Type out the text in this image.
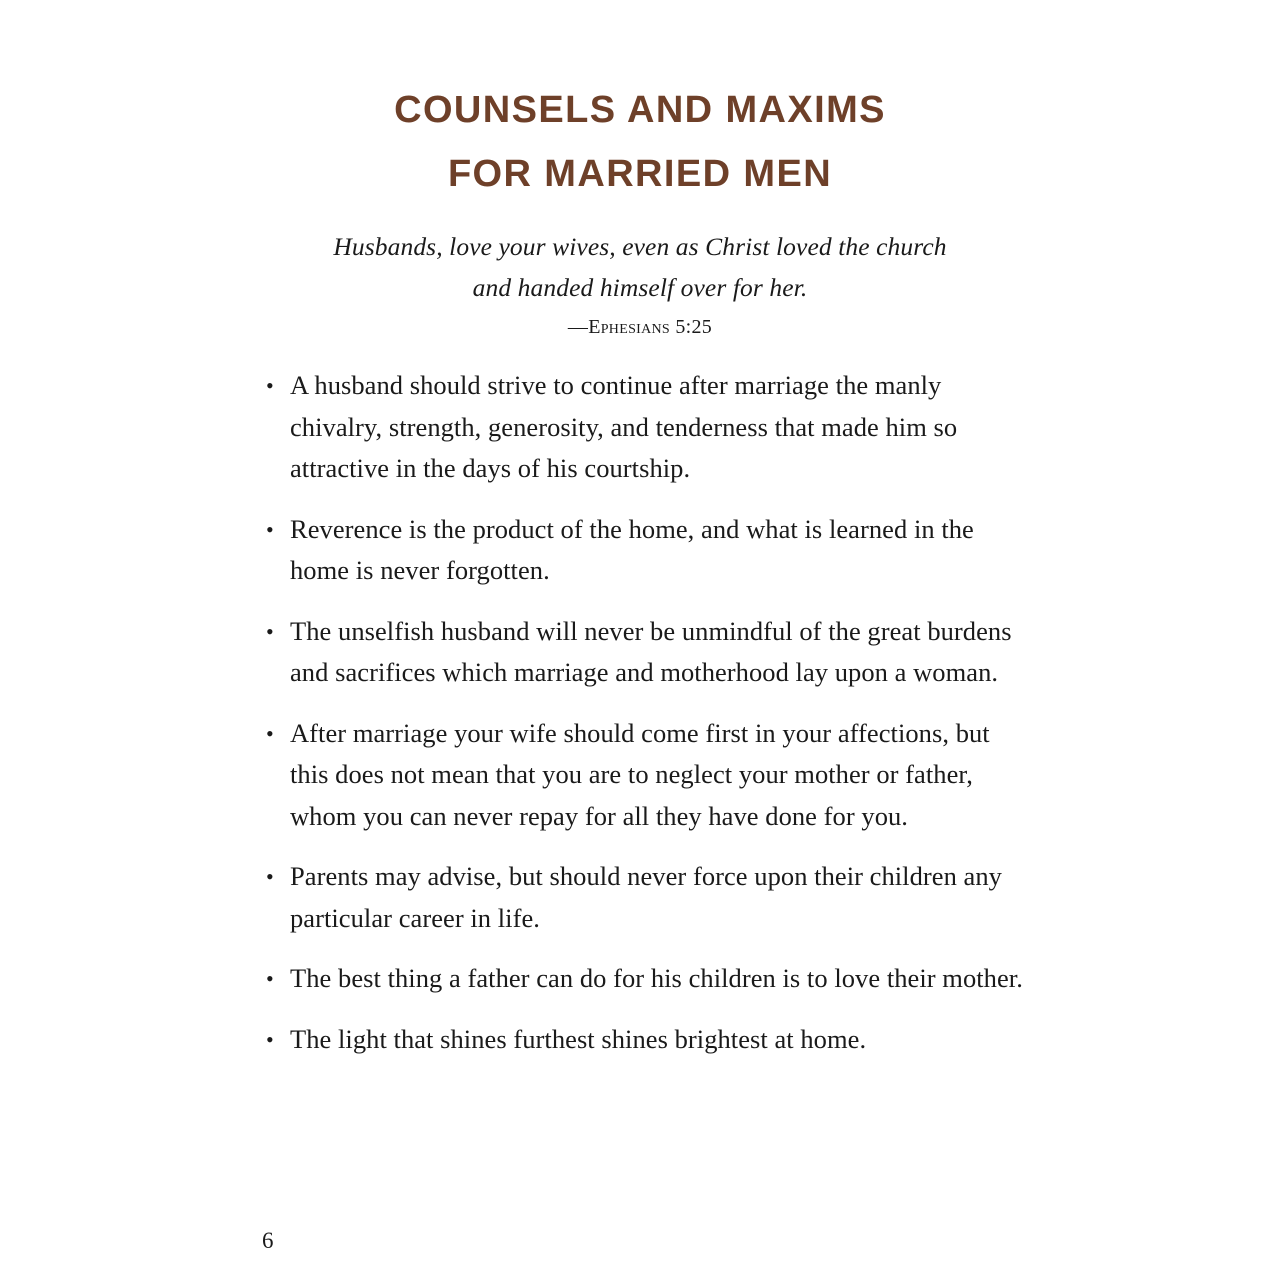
COUNSELS AND MAXIMS
FOR MARRIED MEN
Husbands, love your wives, even as Christ loved the church
and handed himself over for her.
—Ephesians 5:25
• A husband should strive to continue after marriage the manly chivalry, strength, generosity, and tenderness that made him so attractive in the days of his courtship.
• Reverence is the product of the home, and what is learned in the home is never forgotten.
• The unselfish husband will never be unmindful of the great burdens and sacrifices which marriage and motherhood lay upon a woman.
• After marriage your wife should come first in your affections, but this does not mean that you are to neglect your mother or father, whom you can never repay for all they have done for you.
• Parents may advise, but should never force upon their children any particular career in life.
• The best thing a father can do for his children is to love their mother.
• The light that shines furthest shines brightest at home.
6
